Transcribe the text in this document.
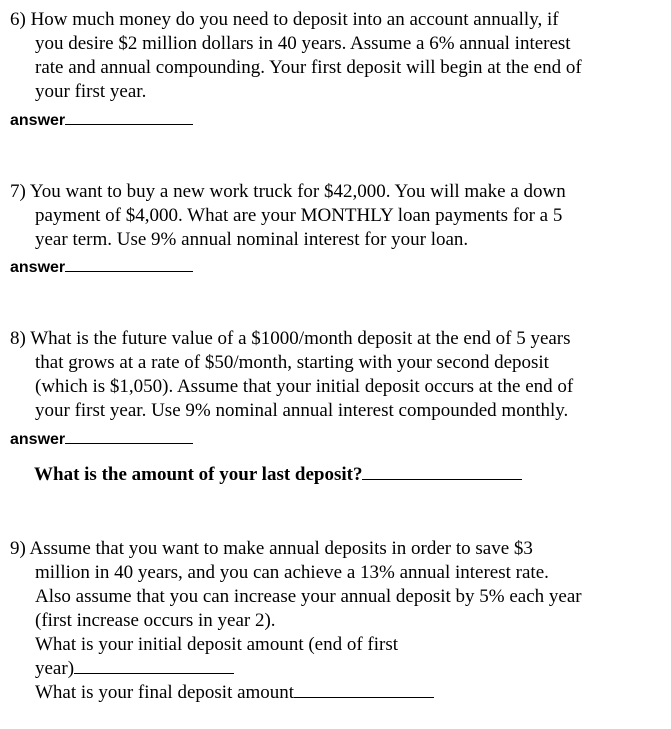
6) How much money do you need to deposit into an account annually, if
you desire $2 million dollars in 40 years. Assume a 6% annual interest
rate and annual compounding. Your first deposit will begin at the end of
your first year.
answer
7) You want to buy a new work truck for $42,000. You will make a down
payment of $4,000. What are your MONTHLY loan payments for a 5
year term. Use 9% annual nominal interest for your loan.
answer
8) What is the future value of a $1000/month deposit at the end of 5 years
that grows at a rate of $50/month, starting with your second deposit
(which is $1,050). Assume that your initial deposit occurs at the end of
your first year. Use 9% nominal annual interest compounded monthly.
answer
What is the amount of your last deposit?
9) Assume that you want to make annual deposits in order to save $3
million in 40 years, and you can achieve a 13% annual interest rate.
Also assume that you can increase your annual deposit by 5% each year
(first increase occurs in year 2).
What is your initial deposit amount (end of first
year)
What is your final deposit amount
